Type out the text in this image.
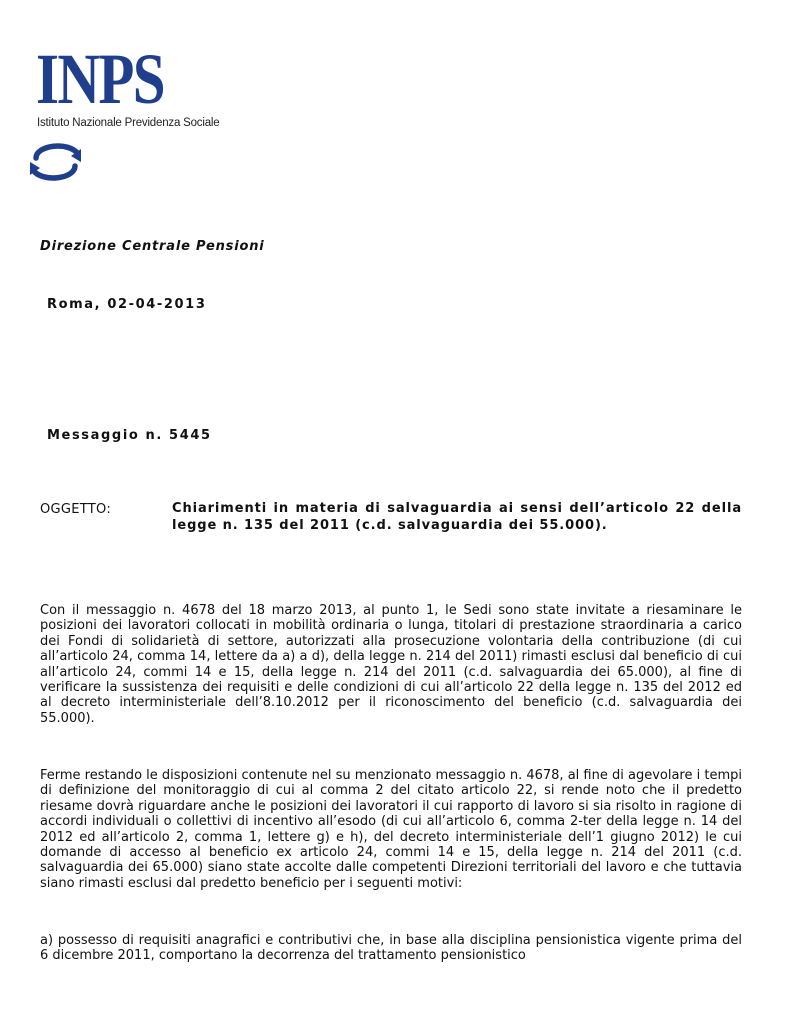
INPS
Istituto Nazionale Previdenza Sociale
Direzione Centrale Pensioni
Roma, 02-04-2013
Messaggio n. 5445
OGGETTO:	Chiarimenti in materia di salvaguardia ai sensi dell’articolo 22 della legge n. 135 del 2011 (c.d. salvaguardia dei 55.000).

Con il messaggio n. 4678 del 18 marzo 2013, al punto 1, le Sedi sono state invitate a riesaminare le posizioni dei lavoratori collocati in mobilità ordinaria o lunga, titolari di prestazione straordinaria a carico dei Fondi di solidarietà di settore, autorizzati alla prosecuzione volontaria della contribuzione (di cui all’articolo 24, comma 14, lettere da a) a d), della legge n. 214 del 2011) rimasti esclusi dal beneficio di cui all’articolo 24, commi 14 e 15, della legge n. 214 del 2011 (c.d. salvaguardia dei 65.000), al fine di verificare la sussistenza dei requisiti e delle condizioni di cui all’articolo 22 della legge n. 135 del 2012 ed al decreto interministeriale dell’8.10.2012 per il riconoscimento del beneficio (c.d. salvaguardia dei 55.000).

Ferme restando le disposizioni contenute nel su menzionato messaggio n. 4678, al fine di agevolare i tempi di definizione del monitoraggio di cui al comma 2 del citato articolo 22, si rende noto che il predetto riesame dovrà riguardare anche le posizioni dei lavoratori il cui rapporto di lavoro si sia risolto in ragione di accordi individuali o collettivi di incentivo all’esodo (di cui all’articolo 6, comma 2-ter della legge n. 14 del 2012 ed all’articolo 2, comma 1, lettere g) e h), del decreto interministeriale dell’1 giugno 2012) le cui domande di accesso al beneficio ex articolo 24, commi 14 e 15, della legge n. 214 del 2011 (c.d. salvaguardia dei 65.000) siano state accolte dalle competenti Direzioni territoriali del lavoro e che tuttavia siano rimasti esclusi dal predetto beneficio per i seguenti motivi:

a) possesso di requisiti anagrafici e contributivi che, in base alla disciplina pensionistica vigente prima del 6 dicembre 2011, comportano la decorrenza del trattamento pensionistico
